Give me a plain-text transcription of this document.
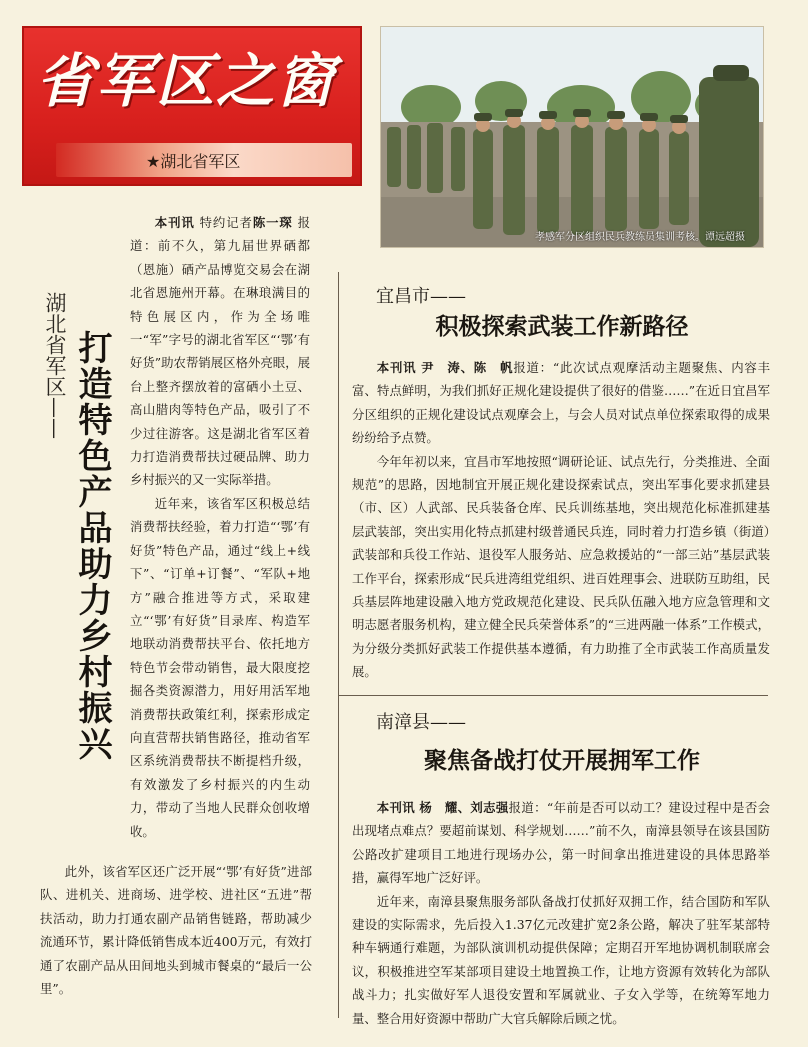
省军区之窗
★湖北省军区
孝感军分区组织民兵教练员集训考核。谭远超摄
湖北省军区—— 打造特色产品助力乡村振兴

本刊讯 特约记者陈一琛 报道：前不久，第九届世界硒都（恩施）硒产品博览交易会在湖北省恩施州开幕。在琳琅满目的特色展区内，作为全场唯一“军”字号的湖北省军区“‘鄂’有好货”助农帮销展区格外亮眼，展台上整齐摆放着的富硒小土豆、高山腊肉等特色产品，吸引了不少过往游客。这是湖北省军区着力打造消费帮扶过硬品牌、助力乡村振兴的又一实际举措。

近年来，该省军区积极总结消费帮扶经验，着力打造“‘鄂’有好货”特色产品，通过“线上+线下”、“订单+订餐”、“军队+地方”融合推进等方式，采取建立“‘鄂’有好货”目录库、构造军地联动消费帮扶平台、依托地方特色节会带动销售，最大限度挖掘各类资源潜力，用好用活军地消费帮扶政策红利，探索形成定向直营帮扶销售路径，推动省军区系统消费帮扶不断提档升级，有效激发了乡村振兴的内生动力，带动了当地人民群众创收增收。

宜昌市——
积极探索武装工作新路径

本刊讯 尹　涛、陈　帆报道：“此次试点观摩活动主题聚焦、内容丰富、特点鲜明，为我们抓好正规化建设提供了很好的借鉴……”在近日宜昌军分区组织的正规化建设试点观摩会上，与会人员对试点单位探索取得的成果纷纷给予点赞。

今年年初以来，宜昌市军地按照“调研论证、试点先行，分类推进、全面规范”的思路，因地制宜开展正规化建设探索试点，突出军事化要求抓建县（市、区）人武部、民兵装备仓库、民兵训练基地，突出规范化标准抓建基层武装部，突出实用化特点抓建村级普通民兵连，同时着力打造乡镇（街道）武装部和兵役工作站、退役军人服务站、应急救援站的“一部三站”基层武装工作平台，探索形成“民兵进湾组党组织、进百姓理事会、进联防互助组，民兵基层阵地建设融入地方党政规范化建设、民兵队伍融入地方应急管理和文明志愿者服务机构，建立健全民兵荣誉体系”的“三进两融一体系”工作模式，为分级分类抓好武装工作提供基本遵循，有力助推了全市武装工作高质量发展。

南漳县——
聚焦备战打仗开展拥军工作

本刊讯 杨　耀、刘志强报道：“年前是否可以动工？建设过程中是否会出现堵点难点？要超前谋划、科学规划……”前不久，南漳县领导在该县国防公路改扩建项目工地进行现场办公，第一时间拿出推进建设的具体思路举措，赢得军地广泛好评。

近年来，南漳县聚焦服务部队备战打仗抓好双拥工作，结合国防和军队建设的实际需求，先后投入1.37亿元改建扩宽2条公路，解决了驻军某部特种车辆通行难题，为部队演训机动提供保障；定期召开军地协调机制联席会议，积极推进空军某部项目建设土地置换工作，让地方资源有效转化为部队战斗力；扎实做好军人退役安置和军属就业、子女入学等，在统筹军地力量、整合用好资源中帮助广大官兵解除后顾之忧。

此外，该省军区还广泛开展“‘鄂’有好货”进部队、进机关、进商场、进学校、进社区“五进”帮扶活动，助力打通农副产品销售链路，帮助减少流通环节，累计降低销售成本近400万元，有效打通了农副产品从田间地头到城市餐桌的“最后一公里”。
